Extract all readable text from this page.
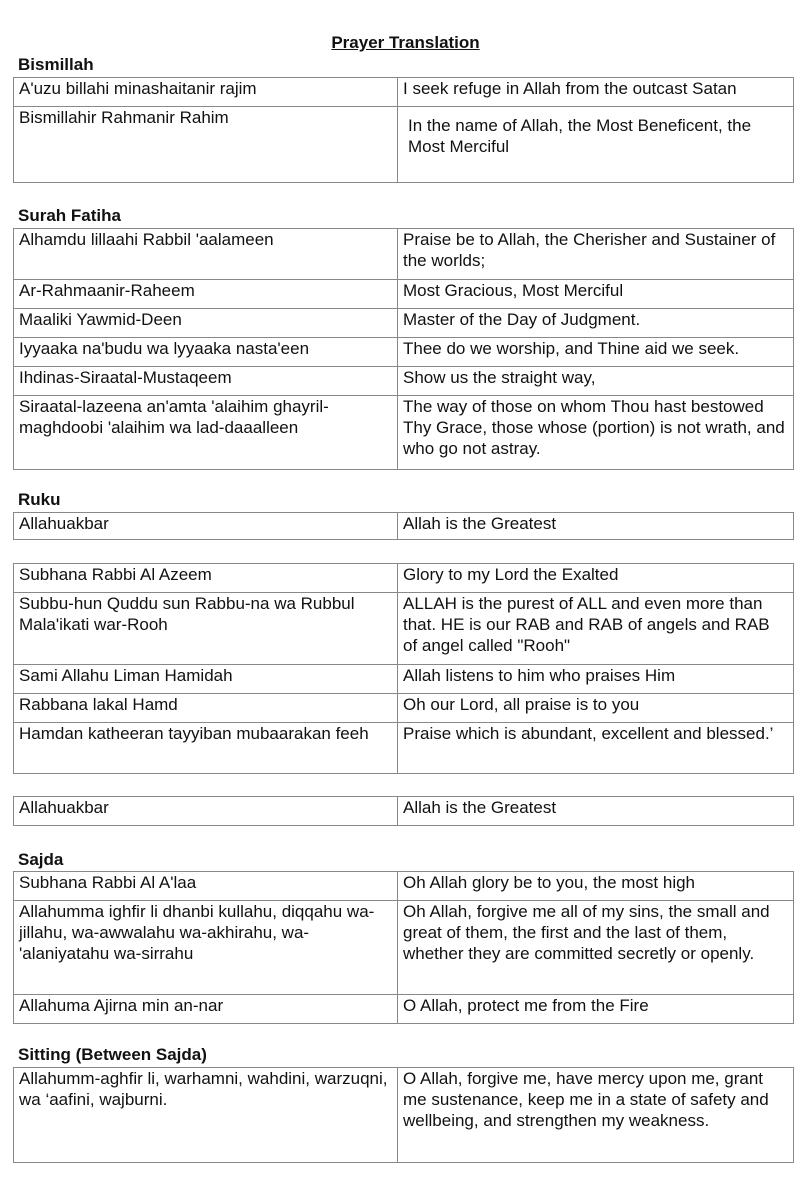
Prayer Translation
Bismillah
A'uzu billahi minashaitanir rajim	I seek refuge in Allah from the outcast Satan
Bismillahir Rahmanir Rahim	In the name of Allah, the Most Beneficent, the Most Merciful
Surah Fatiha
Alhamdu lillaahi Rabbil 'aalameen	Praise be to Allah, the Cherisher and Sustainer of the worlds;
Ar-Rahmaanir-Raheem	Most Gracious, Most Merciful
Maaliki Yawmid-Deen	Master of the Day of Judgment.
Iyyaaka na'budu wa lyyaaka nasta'een	Thee do we worship, and Thine aid we seek.
Ihdinas-Siraatal-Mustaqeem	Show us the straight way,
Siraatal-lazeena an'amta 'alaihim ghayril-maghdoobi 'alaihim wa lad-daaalleen	The way of those on whom Thou hast bestowed Thy Grace, those whose (portion) is not wrath, and who go not astray.
Ruku
Allahuakbar	Allah is the Greatest
Subhana Rabbi Al Azeem	Glory to my Lord the Exalted
Subbu-hun Quddu sun Rabbu-na wa Rubbul Mala'ikati war-Rooh	ALLAH is the purest of ALL and even more than that. HE is our RAB and RAB of angels and RAB of angel called "Rooh"
Sami Allahu Liman Hamidah	Allah listens to him who praises Him
Rabbana lakal Hamd	Oh our Lord, all praise is to you
Hamdan katheeran tayyiban mubaarakan feeh	Praise which is abundant, excellent and blessed.’
Allahuakbar	Allah is the Greatest
Sajda
Subhana Rabbi Al A'laa	Oh Allah glory be to you, the most high
Allahumma ighfir li dhanbi kullahu, diqqahu wa-jillahu, wa-awwalahu wa-akhirahu, wa-'alaniyatahu wa-sirrahu	Oh Allah, forgive me all of my sins, the small and great of them, the first and the last of them, whether they are committed secretly or openly.
Allahuma Ajirna min an-nar	O Allah, protect me from the Fire
Sitting (Between Sajda)
Allahumm-aghfir li, warhamni, wahdini, warzuqni, wa ‘aafini, wajburni.	O Allah, forgive me, have mercy upon me, grant me sustenance, keep me in a state of safety and wellbeing, and strengthen my weakness.
